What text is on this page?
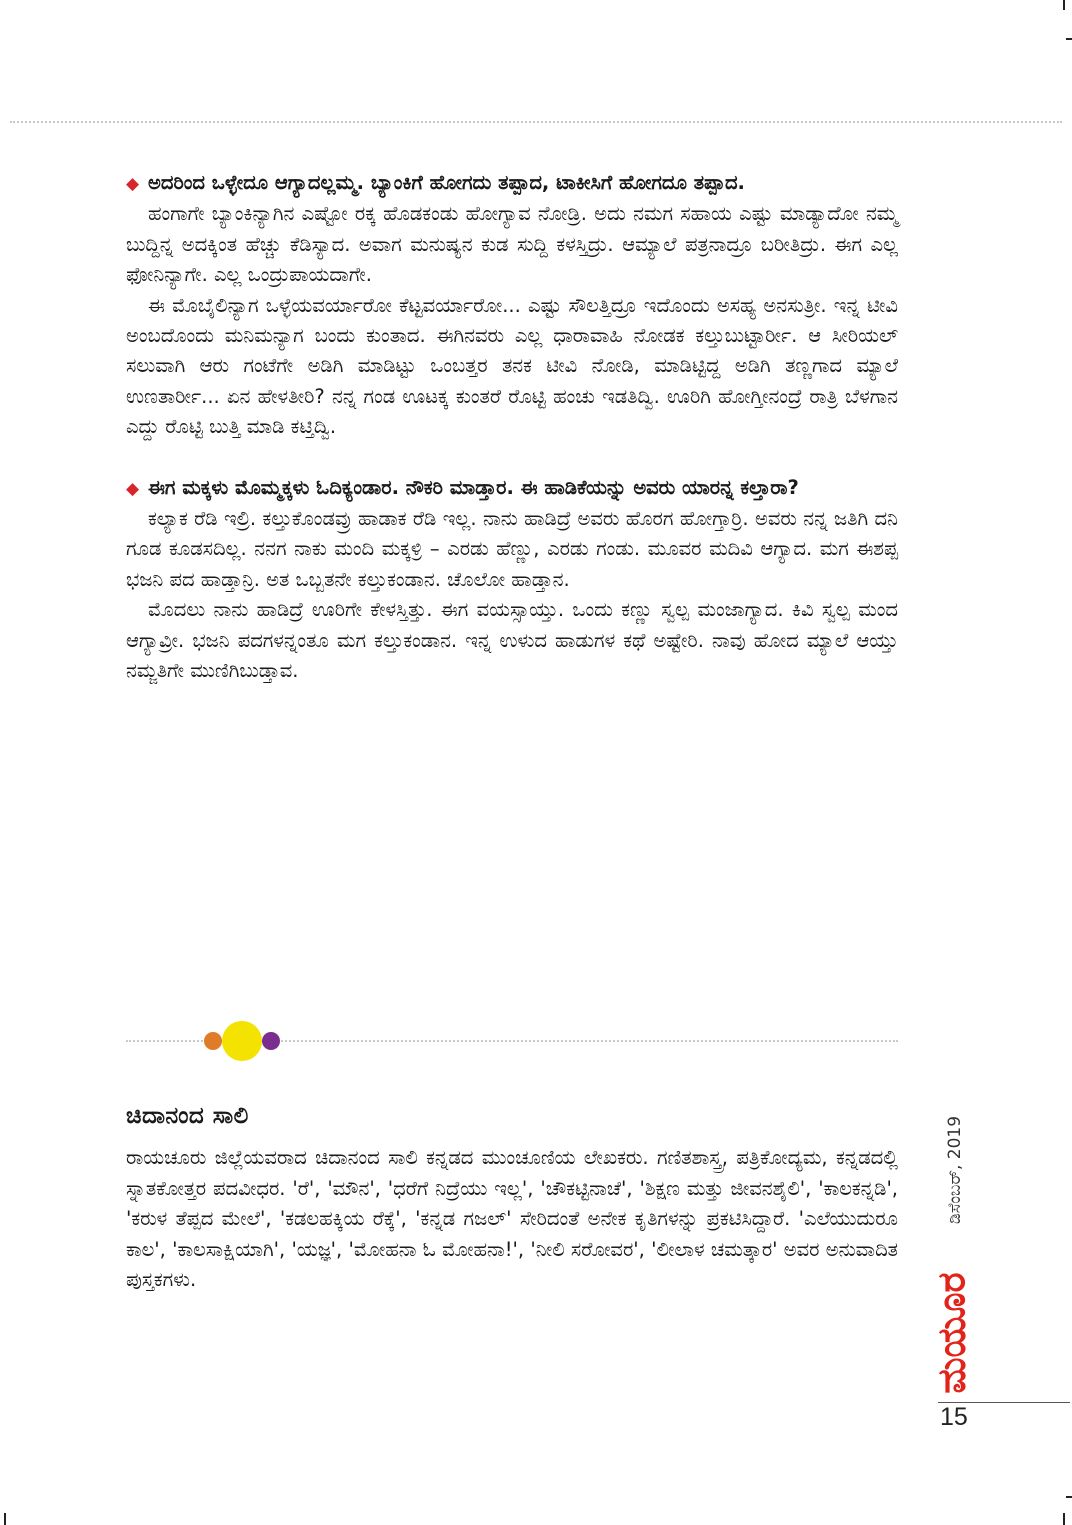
◆ ಅದರಿಂದ ಒಳ್ಳೇದೂ ಆಗ್ಯಾದಲ್ಲಮ್ಮ. ಬ್ಯಾಂಕಿಗೆ ಹೋಗದು ತಪ್ಪಾದ, ಟಾಕೀಸಿಗೆ ಹೋಗದೂ ತಪ್ಪಾದ.

ಹಂಗಾಗೇ ಬ್ಯಾಂಕಿನ್ಯಾಗಿನ ಎಷ್ಟೋ ರಕ್ಕ ಹೊಡಕಂಡು ಹೋಗ್ಯಾವ ನೋಡ್ರಿ. ಅದು ನಮಗ ಸಹಾಯ ಎಷ್ಟು ಮಾಡ್ಯಾದೋ ನಮ್ಮ ಬುದ್ದಿನ್ನ ಅದಕ್ಕಿಂತ ಹೆಚ್ಚು ಕೆಡಿಸ್ಯಾದ. ಅವಾಗ ಮನುಷ್ಯನ ಕುಡ ಸುದ್ದಿ ಕಳಸ್ತಿದ್ರು. ಆಮ್ಯಾಲೆ ಪತ್ರನಾದ್ರೂ ಬರೀತಿದ್ರು. ಈಗ ಎಲ್ಲ ಫೋನಿನ್ಯಾಗೇ. ಎಲ್ಲ ಒಂದ್ರುಪಾಯದಾಗೇ.

ಈ ಮೊಬೈಲಿನ್ಯಾಗ ಒಳ್ಳೆಯವರ್ಯಾರೋ ಕೆಟ್ಟವರ್ಯಾರೋ... ಎಷ್ಟು ಸೌಲತ್ತಿದ್ರೂ ಇದೊಂದು ಅಸಹ್ಯ ಅನಸುತ್ರೀ. ಇನ್ನ ಟೀವಿ ಅಂಬದೊಂದು ಮನಿಮನ್ಯಾಗ ಬಂದು ಕುಂತಾದ. ಈಗಿನವರು ಎಲ್ಲ ಧಾರಾವಾಹಿ ನೋಡಕ ಕಲ್ತುಬುಟ್ಟಾರ್ರೀ. ಆ ಸೀರಿಯಲ್ ಸಲುವಾಗಿ ಆರು ಗಂಟೆಗೇ ಅಡಿಗಿ ಮಾಡಿಟ್ಟು ಒಂಬತ್ತರ ತನಕ ಟೀವಿ ನೋಡಿ, ಮಾಡಿಟ್ಟಿದ್ದ ಅಡಿಗಿ ತಣ್ಣಗಾದ ಮ್ಯಾಲೆ ಉಣತಾರ್ರೀ... ಏನ ಹೇಳತೀರಿ? ನನ್ನ ಗಂಡ ಊಟಕ್ಕ ಕುಂತರೆ ರೊಟ್ಟಿ ಹಂಚು ಇಡತಿದ್ವಿ. ಊರಿಗಿ ಹೋಗ್ತೀನಂದ್ರೆ ರಾತ್ರಿ ಬೆಳಗಾನ ಎದ್ದು ರೊಟ್ಟಿ ಬುತ್ತಿ ಮಾಡಿ ಕಟ್ತಿದ್ವಿ.

◆ ಈಗ ಮಕ್ಕಳು ಮೊಮ್ಮಕ್ಕಳು ಓದಿಕ್ಯಂಡಾರ. ನೌಕರಿ ಮಾಡ್ತಾರ. ಈ ಹಾಡಿಕೆಯನ್ನು ಅವರು ಯಾರನ್ನ ಕಲ್ತಾರಾ?

ಕಲ್ಯಾಕ ರೆಡಿ ಇಲ್ರಿ. ಕಲ್ತುಕೊಂಡವ್ರು ಹಾಡಾಕ ರೆಡಿ ಇಲ್ಲ. ನಾನು ಹಾಡಿದ್ರೆ ಅವರು ಹೊರಗ ಹೋಗ್ತಾರ್ರಿ. ಅವರು ನನ್ನ ಜತಿಗಿ ದನಿ ಗೂಡ ಕೂಡಸದಿಲ್ಲ. ನನಗ ನಾಕು ಮಂದಿ ಮಕ್ಕಳ್ರಿ – ಎರಡು ಹೆಣ್ಣು, ಎರಡು ಗಂಡು. ಮೂವರ ಮದಿವಿ ಆಗ್ಯಾದ. ಮಗ ಈಶಪ್ಪ ಭಜನಿ ಪದ ಹಾಡ್ತಾನ್ರಿ. ಅತ ಒಬ್ಬತನೇ ಕಲ್ತುಕಂಡಾನ. ಚೊಲೋ ಹಾಡ್ತಾನ.

ಮೊದಲು ನಾನು ಹಾಡಿದ್ರೆ ಊರಿಗೇ ಕೇಳಸ್ತಿತ್ತು. ಈಗ ವಯಸ್ಸಾಯ್ತು. ಒಂದು ಕಣ್ಣು ಸ್ವಲ್ಪ ಮಂಜಾಗ್ಯಾದ. ಕಿವಿ ಸ್ವಲ್ಪ ಮಂದ ಆಗ್ಯಾವ್ರೀ. ಭಜನಿ ಪದಗಳನ್ನಂತೂ ಮಗ ಕಲ್ತುಕಂಡಾನ. ಇನ್ನ ಉಳುದ ಹಾಡುಗಳ ಕಥೆ ಅಷ್ಟೇರಿ. ನಾವು ಹೋದ ಮ್ಯಾಲೆ ಆಯ್ತು ನಮ್ಜತಿಗೇ ಮುಣಿಗಿಬುಡ್ತಾವ.

ಚಿದಾನಂದ ಸಾಲಿ

ರಾಯಚೂರು ಜಿಲ್ಲೆಯವರಾದ ಚಿದಾನಂದ ಸಾಲಿ ಕನ್ನಡದ ಮುಂಚೂಣಿಯ ಲೇಖಕರು. ಗಣಿತಶಾಸ್ತ್ರ, ಪತ್ರಿಕೋದ್ಯಮ, ಕನ್ನಡದಲ್ಲಿ ಸ್ನಾತಕೋತ್ತರ ಪದವೀಧರ. 'ರೆ', 'ಮೌನ', 'ಧರೆಗೆ ನಿದ್ರೆಯು ಇಲ್ಲ', 'ಚೌಕಟ್ಟಿನಾಚೆ', 'ಶಿಕ್ಷಣ ಮತ್ತು ಜೀವನಶೈಲಿ', 'ಕಾಲಕನ್ನಡಿ', 'ಕರುಳ ತೆಪ್ಪದ ಮೇಲೆ', 'ಕಡಲಹಕ್ಕಿಯ ರೆಕ್ಕೆ', 'ಕನ್ನಡ ಗಜಲ್' ಸೇರಿದಂತೆ ಅನೇಕ ಕೃತಿಗಳನ್ನು ಪ್ರಕಟಿಸಿದ್ದಾರೆ. 'ಎಲೆಯುದುರೂ ಕಾಲ', 'ಕಾಲಸಾಕ್ಷಿಯಾಗಿ', 'ಯಜ್ಞ', 'ಮೋಹನಾ ಓ ಮೋಹನಾ!', 'ನೀಲಿ ಸರೋವರ', 'ಲೀಲಾಳ ಚಮತ್ಕಾರ' ಅವರ ಅನುವಾದಿತ ಪುಸ್ತಕಗಳು.

ಡಿಸೆಂಬರ್, 2019
ಮಯೂರ
15
